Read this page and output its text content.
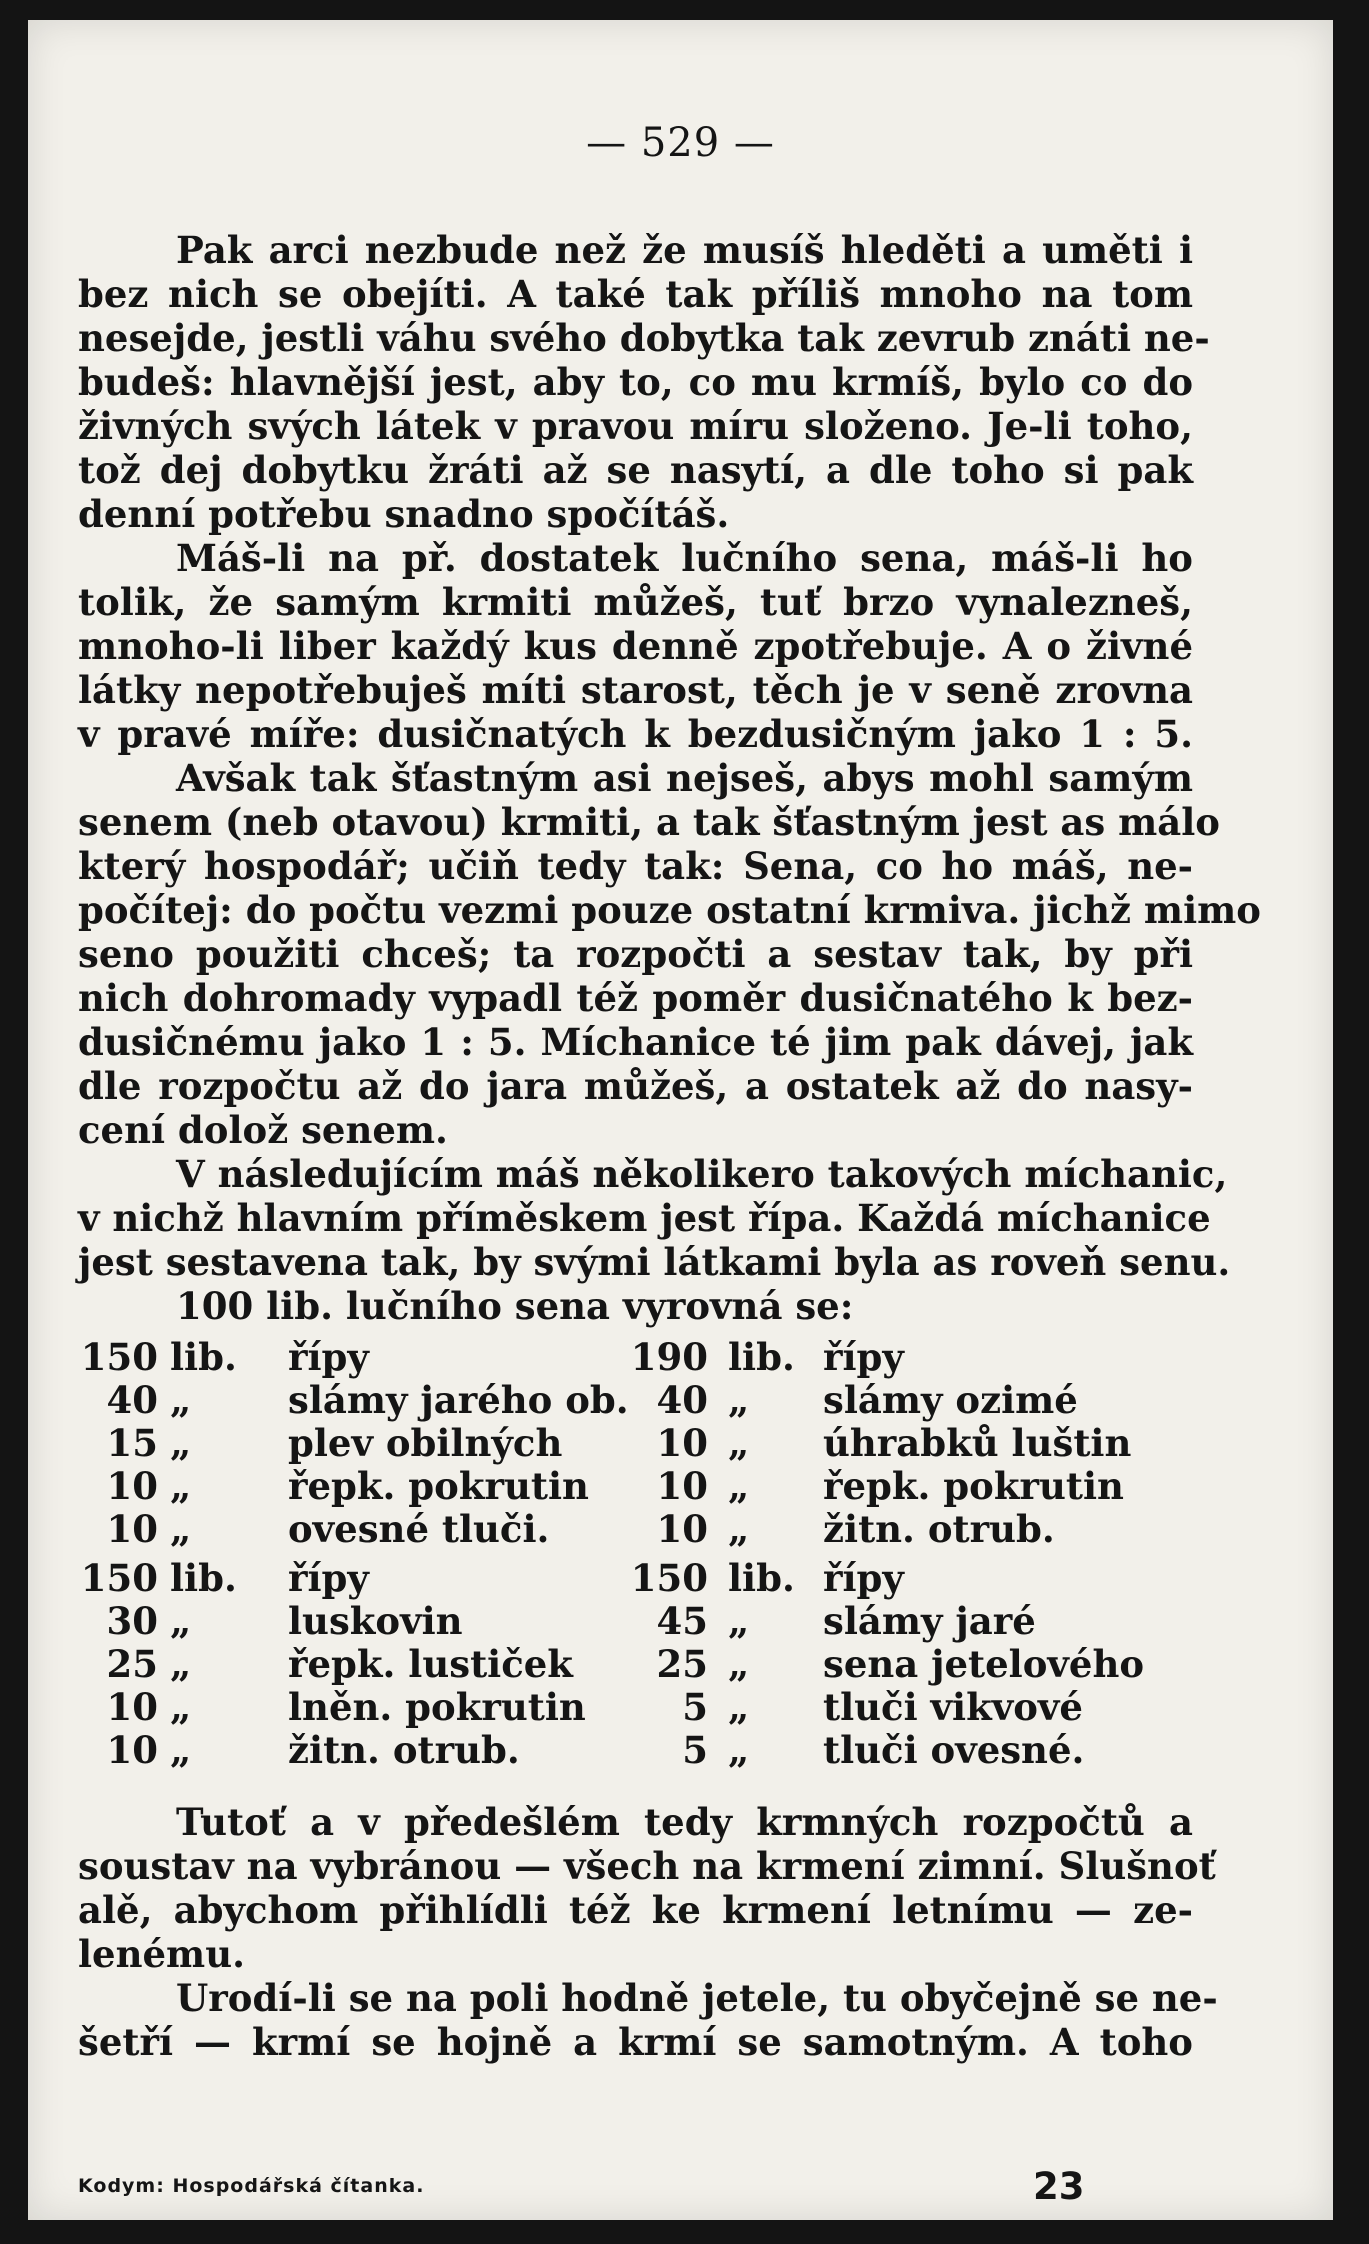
— 529 —
Pak arci nezbude než že musíš hleděti a uměti i
bez nich se obejíti. A také tak příliš mnoho na tom
nesejde, jestli váhu svého dobytka tak zevrub znáti ne-
budeš: hlavnější jest, aby to, co mu krmíš, bylo co do
živných svých látek v pravou míru složeno. Je-li toho,
tož dej dobytku žráti až se nasytí, a dle toho si pak
denní potřebu snadno spočítáš.
Máš-li na př. dostatek lučního sena, máš-li ho
tolik, že samým krmiti můžeš, tuť brzo vynalezneš,
mnoho-li liber každý kus denně zpotřebuje. A o živné
látky nepotřebuješ míti starost, těch je v seně zrovna
v pravé míře: dusičnatých k bezdusičným jako 1 : 5.
Avšak tak šťastným asi nejseš, abys mohl samým
senem (neb otavou) krmiti, a tak šťastným jest as málo
který hospodář; učiň tedy tak: Sena, co ho máš, ne-
počítej: do počtu vezmi pouze ostatní krmiva. jichž mimo
seno použiti chceš; ta rozpočti a sestav tak, by při
nich dohromady vypadl též poměr dusičnatého k bez-
dusičnému jako 1 : 5. Míchanice té jim pak dávej, jak
dle rozpočtu až do jara můžeš, a ostatek až do nasy-
cení dolož senem.
V následujícím máš několikero takových míchanic,
v nichž hlavním příměskem jest řípa. Každá míchanice
jest sestavena tak, by svými látkami byla as roveň senu.
100 lib. lučního sena vyrovná se:
150 lib.	řípy	190 lib. řípy
40 „	slámy jarého ob. 40 „	slámy ozimé
15 „	plev obilných	10 „	úhrabků luštin
10 „	řepk. pokrutin	10 „	řepk. pokrutin
10 „	ovesné tluči.	10 „	žitn. otrub.
150 lib.	řípy	150 lib. řípy
30 „	luskovin	45 „	slámy jaré
25 „	řepk. lustiček	25 „	sena jetelového
10 „	lněn. pokrutin	5 „	tluči vikvové
10 „	žitn. otrub.	5 „	tluči ovesné.
Tutoť a v předešlém tedy krmných rozpočtů a
soustav na vybránou — všech na krmení zimní. Slušnoť
alě, abychom přihlídli též ke krmení letnímu — ze-
lenému.
Urodí-li se na poli hodně jetele, tu obyčejně se ne-
šetří — krmí se hojně a krmí se samotným. A toho
Kodym: Hospodářská čítanka.	23
